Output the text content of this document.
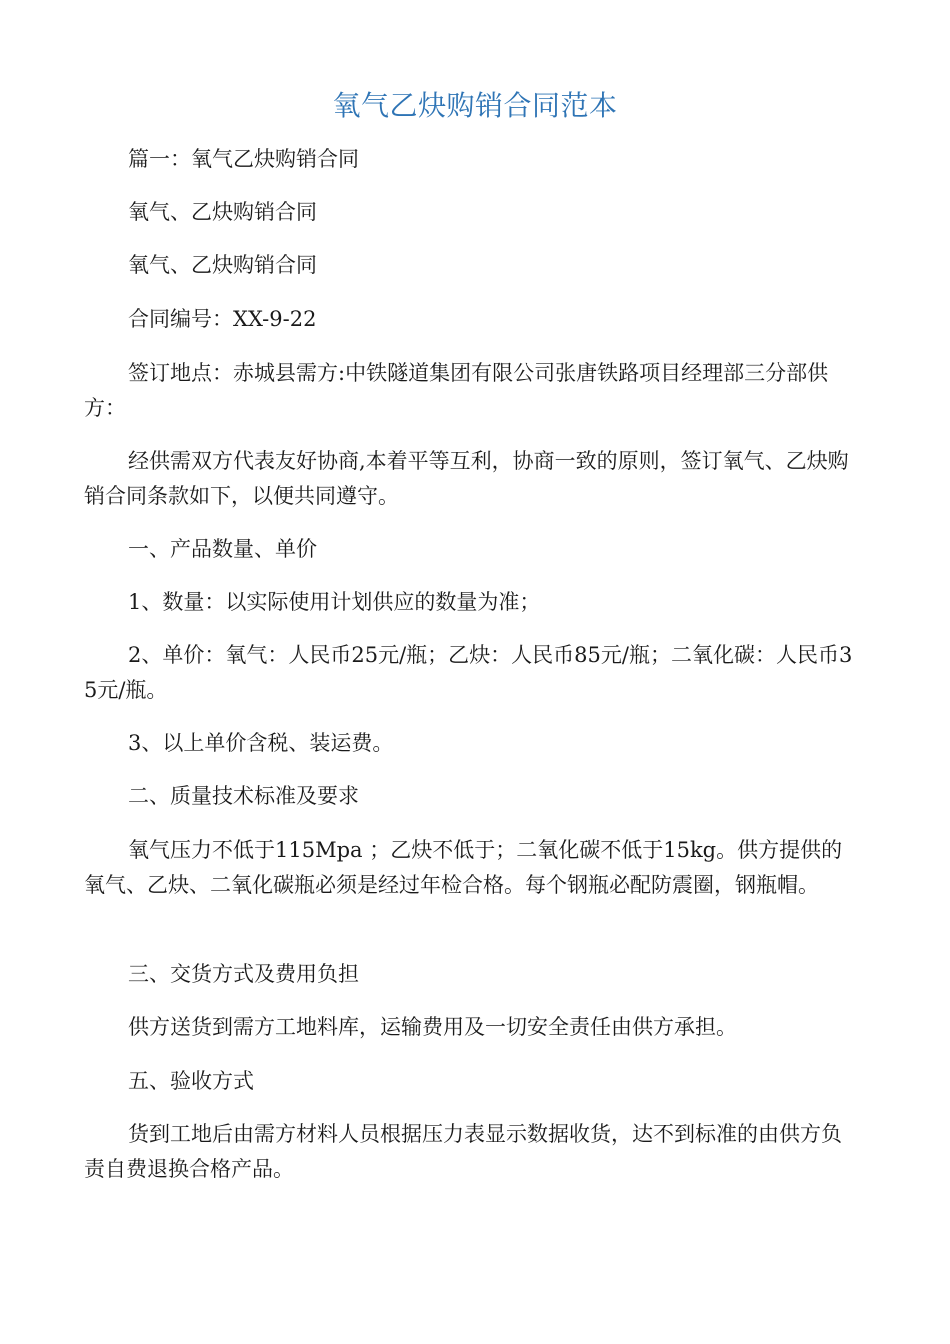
氧气乙炔购销合同范本
篇一：氧气乙炔购销合同
氧气、乙炔购销合同
氧气、乙炔购销合同
合同编号：XX-9-22
签订地点：赤城县需方:中铁隧道集团有限公司张唐铁路项目经理部三分部供方：
经供需双方代表友好协商,本着平等互利，协商一致的原则，签订氧气、乙炔购 销合同条款如下，以便共同遵守。
一、产品数量、单价
1、数量：以实际使用计划供应的数量为准；
2、单价：氧气：人民币25元/瓶；乙炔：人民币85元/瓶；二氧化碳：人民币35元/瓶。
3、以上单价含税、装运费。
二、质量技术标准及要求
氧气压力不低于115Mpa ；乙炔不低于；二氧化碳不低于15kg。供方提供的氧气、乙炔、二氧化碳瓶必须是经过年检合格。每个钢瓶必配防震圈，钢瓶帽。
三、交货方式及费用负担
供方送货到需方工地料库，运输费用及一切安全责任由供方承担。
五、验收方式
货到工地后由需方材料人员根据压力表显示数据收货，达不到标准的由供方负责自费退换合格产品。
